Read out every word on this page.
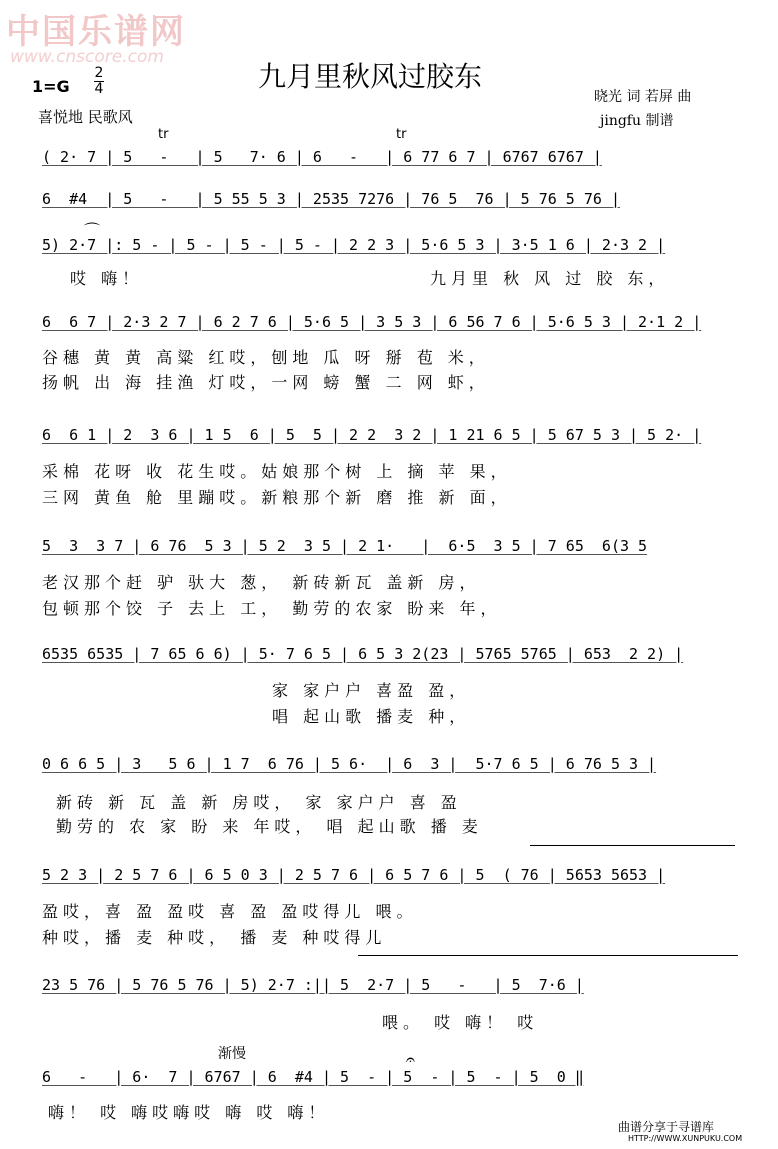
中国乐谱网
www.cnscore.com
九月里秋风过胶东
1=G
2
4
喜悦地 民歌风
晓光 词 若屏 曲
jingfu 制谱
tr	tr
( 2· 7 | 5   -   | 5   7· 6 | 6   -   | 6 77 6 7 | 6767 6767 |
6  #4  | 5   -   | 5 55 5 3 | 2535 7276 | 76 5  76 | 5 76 5 76 |
⌒
5) 2·7 |: 5 - | 5 - | 5 - | 5 - | 2 2 3 | 5·6 5 3 | 3·5 1 6 | 2·3 2 |
哎 嗨！	九月里 秋 风 过 胶 东，
6  6 7 | 2·3 2 7 | 6 2 7 6 | 5·6 5 | 3 5 3 | 6 56 7 6 | 5·6 5 3 | 2·1 2 |
谷穗 黄 黄 高粱 红哎，刨地 瓜 呀 掰 苞 米，
扬帆 出 海 挂渔 灯哎，一网 螃 蟹 二 网 虾，
6  6 1 | 2  3 6 | 1 5  6 | 5  5 | 2 2  3 2 | 1 21 6 5 | 5 67 5 3 | 5 2· |
采棉 花呀 收 花生哎。姑娘那个树 上 摘 苹 果，
三网 黄鱼 舱 里蹦哎。新粮那个新 磨 推 新 面，
5  3  3 7 | 6 76  5 3 | 5 2  3 5 | 2 1·   |  6·5  3 5 | 7 65  6(3 5
老汉那个赶 驴 驮大 葱， 新砖新瓦 盖新 房，
包顿那个饺 子 去上 工， 勤劳的农家 盼来 年，
6535 6535 | 7 65 6 6) | 5· 7 6 5 | 6 5 3 2(23 | 5765 5765 | 653  2 2) |
家 家户户 喜盈 盈，
唱 起山歌 播麦 种，
0 6 6 5 | 3   5 6 | 1 7  6 76 | 5 6·  | 6  3 |  5·7 6 5 | 6 76 5 3 |
新砖 新 瓦 盖 新 房哎， 家 家户户 喜 盈
勤劳的 农 家 盼 来 年哎， 唱 起山歌 播 麦
5 2 3 | 2 5 7 6 | 6 5 0 3 | 2 5 7 6 | 6 5 7 6 | 5  ( 76 | 5653 5653 |
盈哎，喜 盈 盈哎 喜 盈 盈哎得儿 喂。
种哎，播 麦 种哎， 播 麦 种哎得儿
23 5 76 | 5 76 5 76 | 5) 2·7 :|| 5  2·7 | 5   -   | 5  7·6 |
喂。 哎 嗨！ 哎
渐慢	𝄐
6   -   | 6·  7 | 6767 | 6  #4 | 5  - | 5  - | 5  - | 5  0 ‖
嗨！ 哎 嗨哎嗨哎 嗨 哎 嗨！
曲谱分享于寻谱库
HTTP://WWW.XUNPUKU.COM
